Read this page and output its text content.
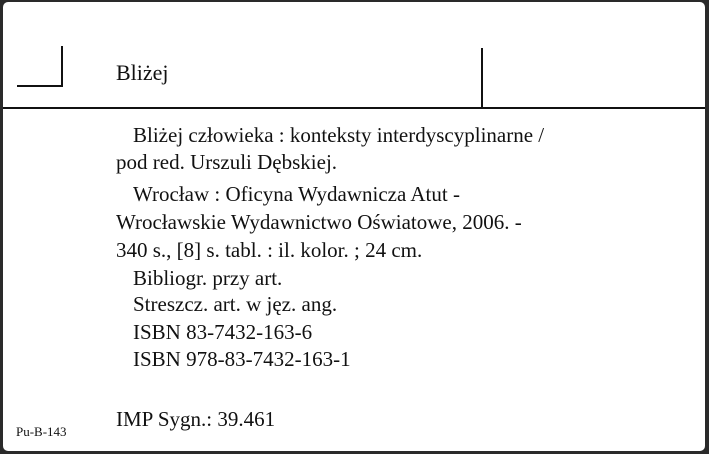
Bliżej
Bliżej człowieka : konteksty interdyscyplinarne /
pod red. Urszuli Dębskiej.
Wrocław : Oficyna Wydawnicza Atut -
Wrocławskie Wydawnictwo Oświatowe, 2006. -
340 s., [8] s. tabl. : il. kolor. ; 24 cm.
Bibliogr. przy art.
Streszcz. art. w jęz. ang.
ISBN 83-7432-163-6
ISBN 978-83-7432-163-1
IMP Sygn.: 39.461
Pu-B-143
